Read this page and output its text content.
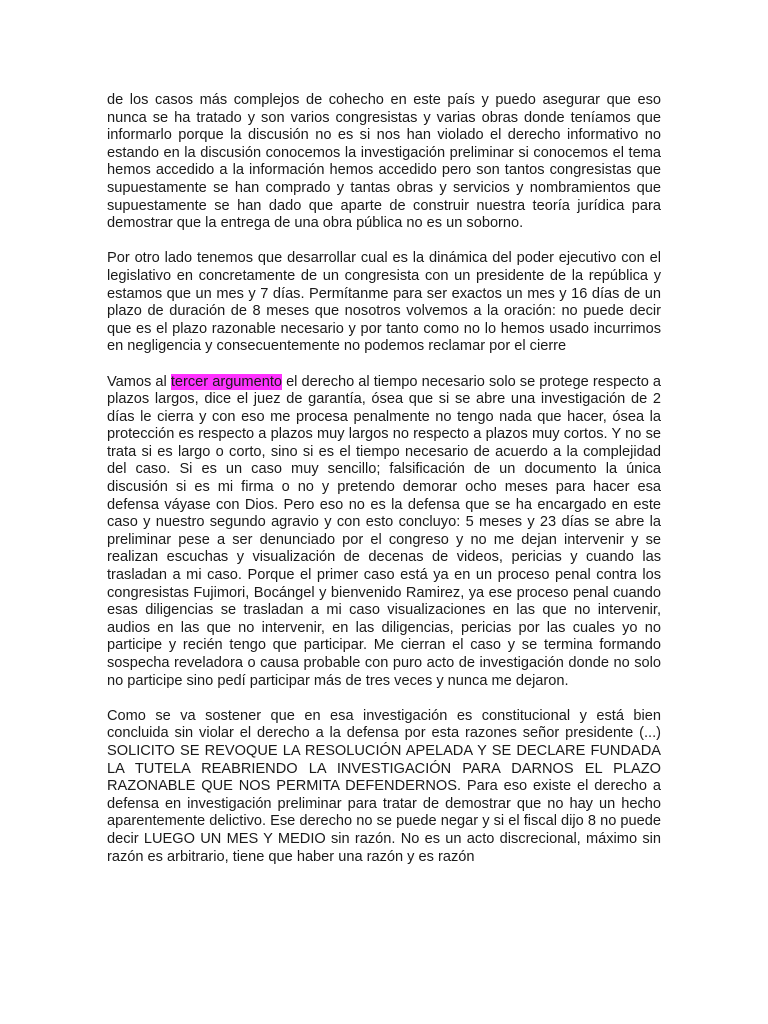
de los casos más complejos de cohecho en este país y puedo asegurar que eso nunca se ha tratado y son varios congresistas y varias obras donde teníamos que informarlo porque la discusión no es si nos han violado el derecho informativo no estando en la discusión conocemos la investigación preliminar si conocemos el tema hemos accedido a la información hemos accedido pero son tantos congresistas que supuestamente se han comprado y tantas obras y servicios y nombramientos que supuestamente se han dado que aparte de construir nuestra teoría jurídica para demostrar que la entrega de una obra pública no es un soborno.

Por otro lado tenemos que desarrollar cual es la dinámica del poder ejecutivo con el legislativo en concretamente de un congresista con un presidente de la república y estamos que un mes y 7 días. Permítanme para ser exactos un mes y 16 días de un plazo de duración de 8 meses que nosotros volvemos a la oración: no puede decir que es el plazo razonable necesario y por tanto como no lo hemos usado incurrimos en negligencia y consecuentemente no podemos reclamar por el cierre

Vamos al tercer argumento el derecho al tiempo necesario solo se protege respecto a plazos largos, dice el juez de garantía, ósea que si se abre una investigación de 2 días le cierra y con eso me procesa penalmente no tengo nada que hacer, ósea la protección es respecto a plazos muy largos no respecto a plazos muy cortos. Y no se trata si es largo o corto, sino si es el tiempo necesario de acuerdo a la complejidad del caso. Si es un caso muy sencillo; falsificación de un documento la única discusión si es mi firma o no y pretendo demorar ocho meses para hacer esa defensa váyase con Dios. Pero eso no es la defensa que se ha encargado en este caso y nuestro segundo agravio y con esto concluyo: 5 meses y 23 días se abre la preliminar pese a ser denunciado por el congreso y no me dejan intervenir y se realizan escuchas y visualización de decenas de videos, pericias y cuando las trasladan a mi caso. Porque el primer caso está ya en un proceso penal contra los congresistas Fujimori, Bocángel y bienvenido Ramirez, ya ese proceso penal cuando esas diligencias se trasladan a mi caso visualizaciones en las que no intervenir, audios en las que no intervenir, en las diligencias, pericias por las cuales yo no participe y recién tengo que participar. Me cierran el caso y se termina formando sospecha reveladora o causa probable con puro acto de investigación donde no solo no participe sino pedí participar más de tres veces y nunca me dejaron.

Como se va sostener que en esa investigación es constitucional y está bien concluida sin violar el derecho a la defensa por esta razones señor presidente (...) SOLICITO SE REVOQUE LA RESOLUCIÓN APELADA Y SE DECLARE FUNDADA LA TUTELA REABRIENDO LA INVESTIGACIÓN PARA DARNOS EL PLAZO RAZONABLE QUE NOS PERMITA DEFENDERNOS. Para eso existe el derecho a defensa en investigación preliminar para tratar de demostrar que no hay un hecho aparentemente delictivo. Ese derecho no se puede negar y si el fiscal dijo 8 no puede decir LUEGO UN MES Y MEDIO sin razón. No es un acto discrecional, máximo sin razón es arbitrario, tiene que haber una razón y es razón
